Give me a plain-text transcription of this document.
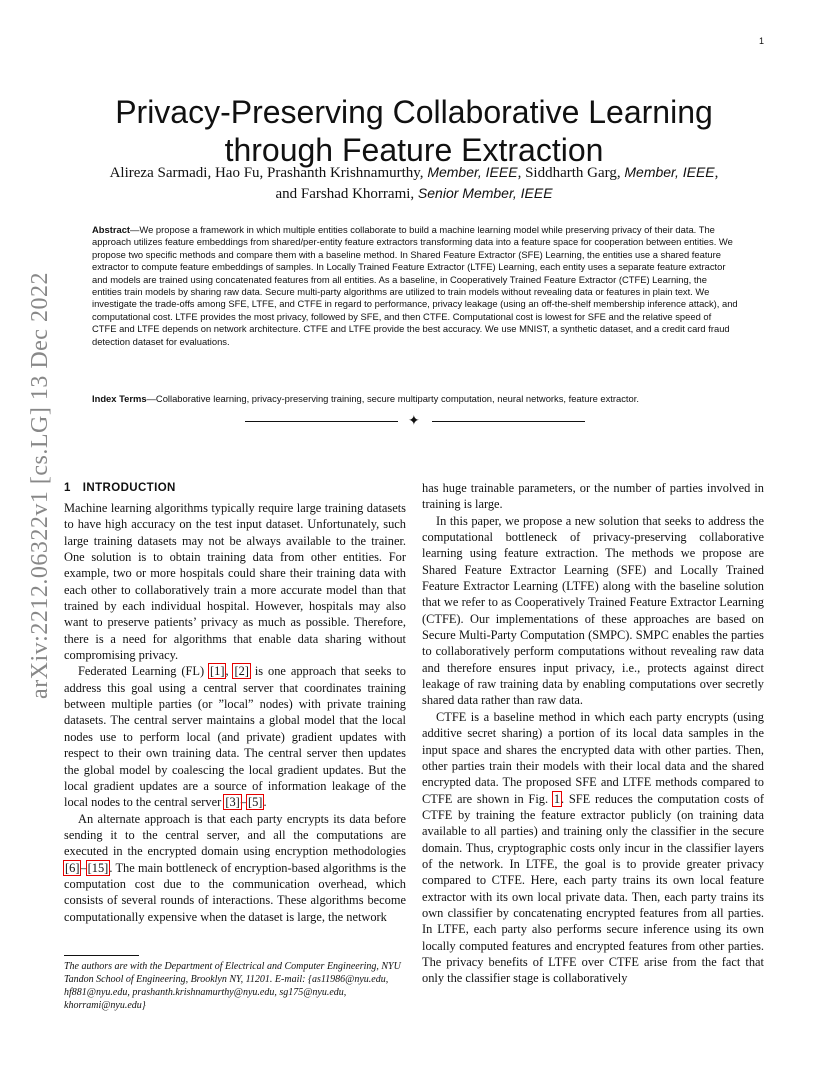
1
arXiv:2212.06322v1 [cs.LG] 13 Dec 2022
Privacy-Preserving Collaborative Learning
through Feature Extraction
Alireza Sarmadi, Hao Fu, Prashanth Krishnamurthy, Member, IEEE, Siddharth Garg, Member, IEEE,
and Farshad Khorrami, Senior Member, IEEE
Abstract—We propose a framework in which multiple entities collaborate to build a machine learning model while preserving privacy of their data. The approach utilizes feature embeddings from shared/per-entity feature extractors transforming data into a feature space for cooperation between entities. We propose two specific methods and compare them with a baseline method. In Shared Feature Extractor (SFE) Learning, the entities use a shared feature extractor to compute feature embeddings of samples. In Locally Trained Feature Extractor (LTFE) Learning, each entity uses a separate feature extractor and models are trained using concatenated features from all entities. As a baseline, in Cooperatively Trained Feature Extractor (CTFE) Learning, the entities train models by sharing raw data. Secure multi-party algorithms are utilized to train models without revealing data or features in plain text. We investigate the trade-offs among SFE, LTFE, and CTFE in regard to performance, privacy leakage (using an off-the-shelf membership inference attack), and computational cost. LTFE provides the most privacy, followed by SFE, and then CTFE. Computational cost is lowest for SFE and the relative speed of CTFE and LTFE depends on network architecture. CTFE and LTFE provide the best accuracy. We use MNIST, a synthetic dataset, and a credit card fraud detection dataset for evaluations.
Index Terms—Collaborative learning, privacy-preserving training, secure multiparty computation, neural networks, feature extractor.
✦
1 INTRODUCTION

Machine learning algorithms typically require large training datasets to have high accuracy on the test input dataset. Unfortunately, such large training datasets may not be always available to the trainer. One solution is to obtain training data from other entities. For example, two or more hospitals could share their training data with each other to collaboratively train a more accurate model than that trained by each individual hospital. However, hospitals may also want to preserve patients’ privacy as much as possible. Therefore, there is a need for algorithms that enable data sharing without compromising privacy.

Federated Learning (FL) [1], [2] is one approach that seeks to address this goal using a central server that coordinates training between multiple parties (or ”local” nodes) with private training datasets. The central server maintains a global model that the local nodes use to perform local (and private) gradient updates with respect to their own training data. The central server then updates the global model by coalescing the local gradient updates. But the local gradient updates are a source of information leakage of the local nodes to the central server [3]–[5].

An alternate approach is that each party encrypts its data before sending it to the central server, and all the computations are executed in the encrypted domain using encryption methodologies [6]–[15]. The main bottleneck of encryption-based algorithms is the computation cost due to the communication overhead, which consists of several rounds of interactions. These algorithms become computationally expensive when the dataset is large, the network

The authors are with the Department of Electrical and Computer Engineering, NYU Tandon School of Engineering, Brooklyn NY, 11201. E-mail: {as11986@nyu.edu, hf881@nyu.edu, prashanth.krishnamurthy@nyu.edu, sg175@nyu.edu, khorrami@nyu.edu}

has huge trainable parameters, or the number of parties involved in training is large.

In this paper, we propose a new solution that seeks to address the computational bottleneck of privacy-preserving collaborative learning using feature extraction. The methods we propose are Shared Feature Extractor Learning (SFE) and Locally Trained Feature Extractor Learning (LTFE) along with the baseline solution that we refer to as Cooperatively Trained Feature Extractor Learning (CTFE). Our implementations of these approaches are based on Secure Multi-Party Computation (SMPC). SMPC enables the parties to collaboratively perform computations without revealing raw data and therefore ensures input privacy, i.e., protects against direct leakage of raw training data by enabling computations over secretly shared data rather than raw data.

CTFE is a baseline method in which each party encrypts (using additive secret sharing) a portion of its local data samples in the input space and shares the encrypted data with other parties. Then, other parties train their models with their local data and the shared encrypted data. The proposed SFE and LTFE methods compared to CTFE are shown in Fig. 1. SFE reduces the computation costs of CTFE by training the feature extractor publicly (on training data available to all parties) and training only the classifier in the secure domain. Thus, cryptographic costs only incur in the classifier layers of the network. In LTFE, the goal is to provide greater privacy compared to CTFE. Here, each party trains its own local feature extractor with its own local private data. Then, each party trains its own classifier by concatenating encrypted features from all parties. In LTFE, each party also performs secure inference using its own locally computed features and encrypted features from other parties. The privacy benefits of LTFE over CTFE arise from the fact that only the classifier stage is collaboratively
